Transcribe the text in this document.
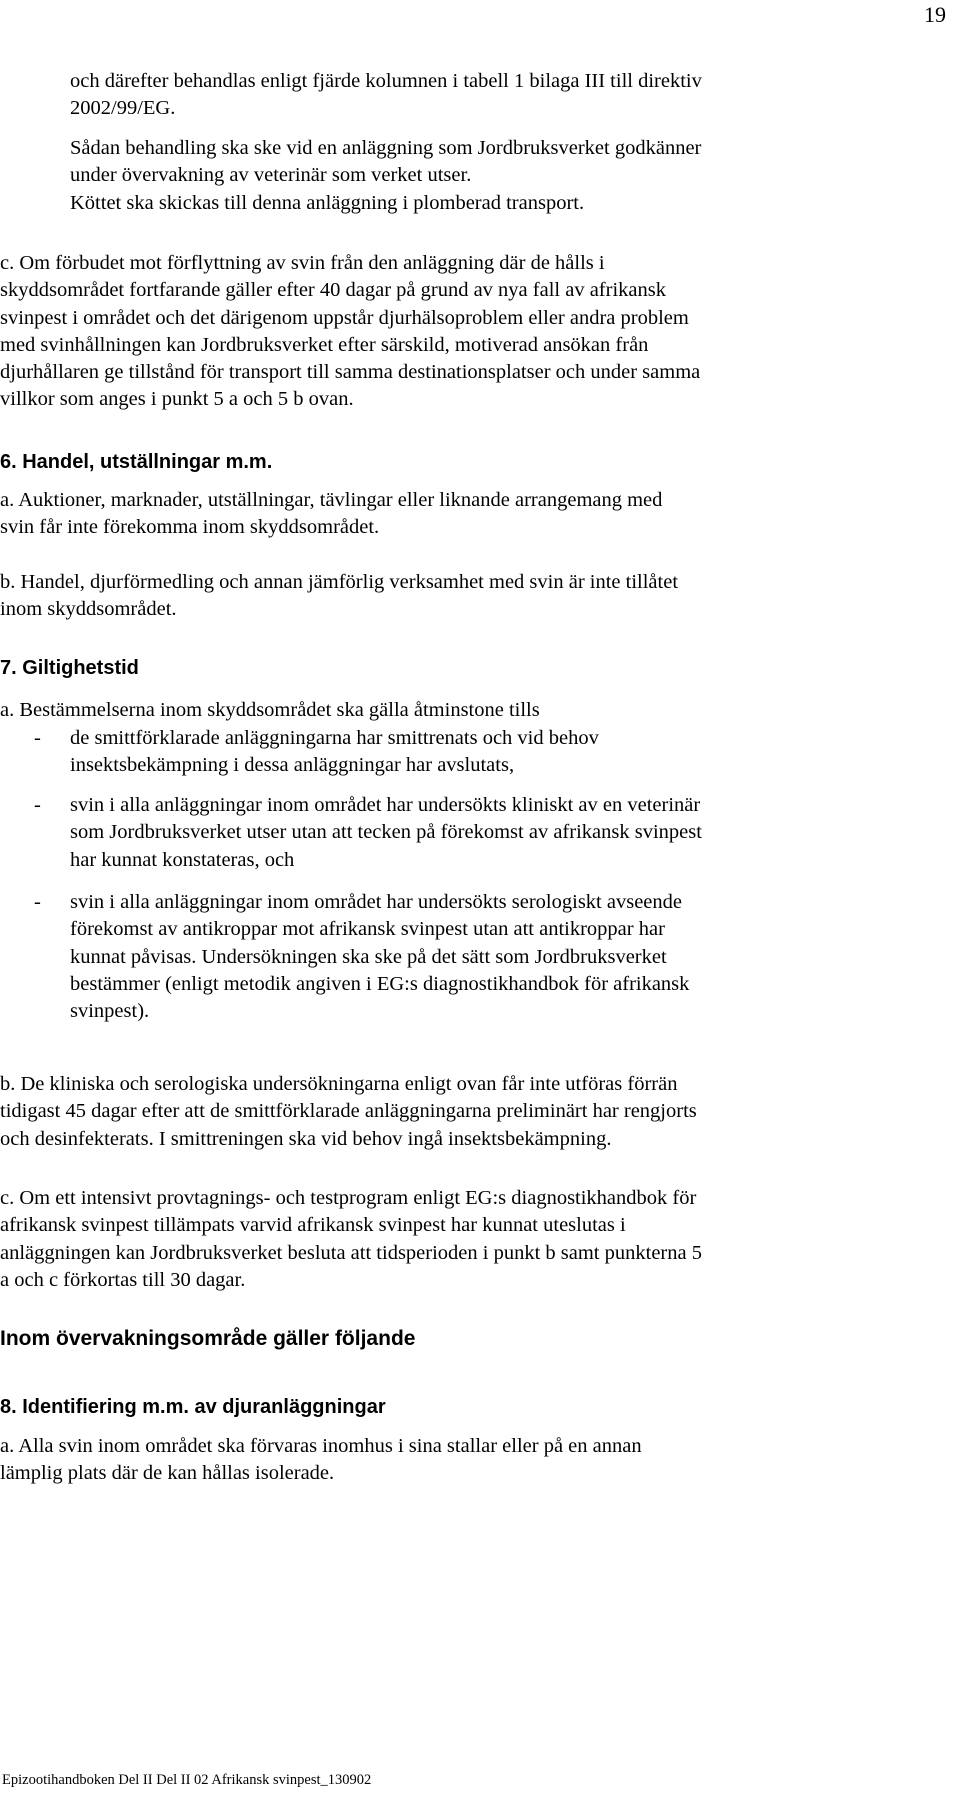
19
och därefter behandlas enligt fjärde kolumnen i tabell 1 bilaga III till direktiv
2002/99/EG.
Sådan behandling ska ske vid en anläggning som Jordbruksverket godkänner
under övervakning av veterinär som verket utser.
Köttet ska skickas till denna anläggning i plomberad transport.
c. Om förbudet mot förflyttning av svin från den anläggning där de hålls i
skyddsområdet fortfarande gäller efter 40 dagar på grund av nya fall av afrikansk
svinpest i området och det därigenom uppstår djurhälsoproblem eller andra problem
med svinhållningen kan Jordbruksverket efter särskild, motiverad ansökan från
djurhållaren ge tillstånd för transport till samma destinationsplatser och under samma
villkor som anges i punkt 5 a och 5 b ovan.
6. Handel, utställningar m.m.
a. Auktioner, marknader, utställningar, tävlingar eller liknande arrangemang med
svin får inte förekomma inom skyddsområdet.
b. Handel, djurförmedling och annan jämförlig verksamhet med svin är inte tillåtet
inom skyddsområdet.
7. Giltighetstid
a. Bestämmelserna inom skyddsområdet ska gälla åtminstone tills
- de smittförklarade anläggningarna har smittrenats och vid behov
insektsbekämpning i dessa anläggningar har avslutats,
- svin i alla anläggningar inom området har undersökts kliniskt av en veterinär
som Jordbruksverket utser utan att tecken på förekomst av afrikansk svinpest
har kunnat konstateras, och
- svin i alla anläggningar inom området har undersökts serologiskt avseende
förekomst av antikroppar mot afrikansk svinpest utan att antikroppar har
kunnat påvisas. Undersökningen ska ske på det sätt som Jordbruksverket
bestämmer (enligt metodik angiven i EG:s diagnostikhandbok för afrikansk
svinpest).
b. De kliniska och serologiska undersökningarna enligt ovan får inte utföras förrän
tidigast 45 dagar efter att de smittförklarade anläggningarna preliminärt har rengjorts
och desinfekterats. I smittreningen ska vid behov ingå insektsbekämpning.
c. Om ett intensivt provtagnings- och testprogram enligt EG:s diagnostikhandbok för
afrikansk svinpest tillämpats varvid afrikansk svinpest har kunnat uteslutas i
anläggningen kan Jordbruksverket besluta att tidsperioden i punkt b samt punkterna 5
a och c förkortas till 30 dagar.
Inom övervakningsområde gäller följande
8. Identifiering m.m. av djuranläggningar
a. Alla svin inom området ska förvaras inomhus i sina stallar eller på en annan
lämplig plats där de kan hållas isolerade.
Epizootihandboken Del II Del II 02 Afrikansk svinpest_130902
